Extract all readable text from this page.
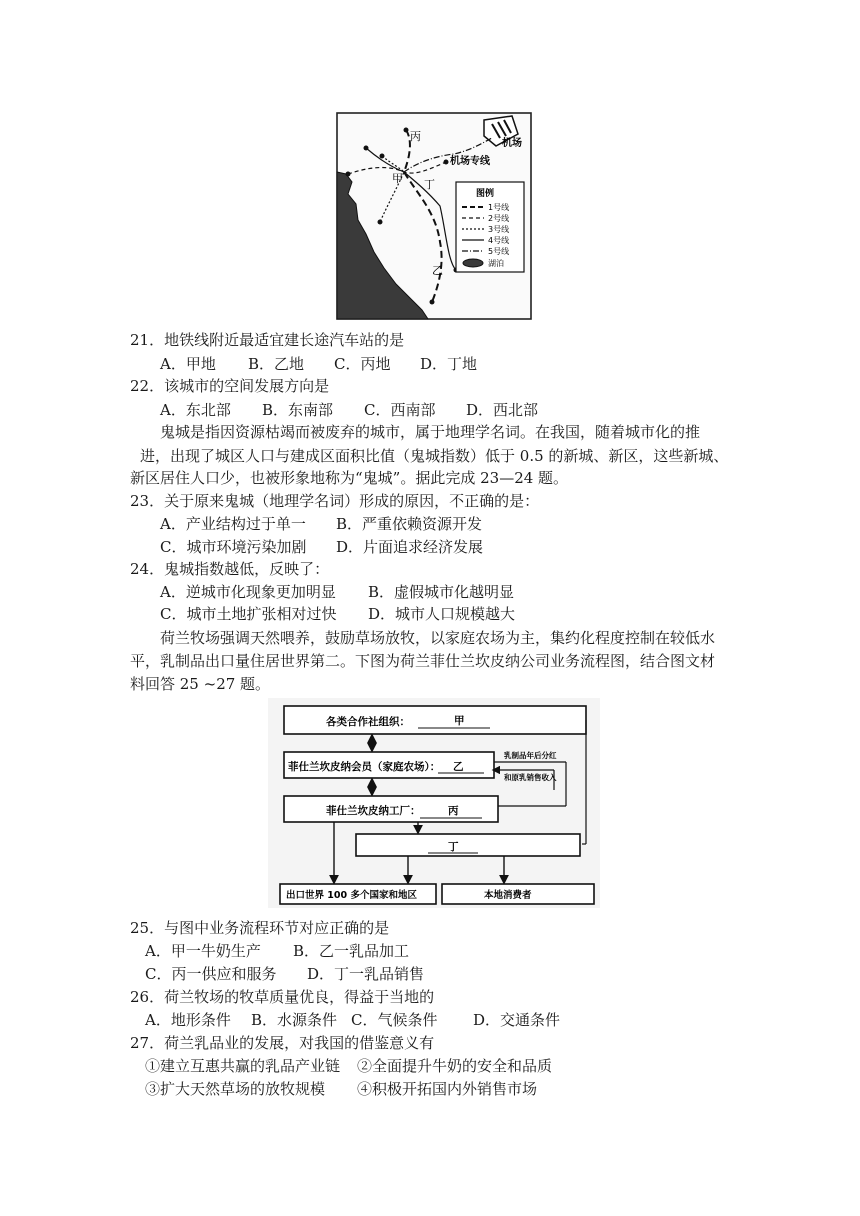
丙
甲 丁
乙
机场
机场专线
图例
1号线
2号线
3号线
4号线
5号线
湖泊
21．地铁线附近最适宜建长途汽车站的是
A．甲地 B．乙地 C．丙地 D．丁地
22．该城市的空间发展方向是
A．东北部 B．东南部 C．西南部 D．西北部
鬼城是指因资源枯竭而被废弃的城市，属于地理学名词。在我国，随着城市化的推
进，出现了城区人口与建成区面积比值（鬼城指数）低于 0.5 的新城、新区，这些新城、
新区居住人口少，也被形象地称为“鬼城”。据此完成 23—24 题。
23．关于原来鬼城（地理学名词）形成的原因，不正确的是：
A．产业结构过于单一 B．严重依赖资源开发
C．城市环境污染加剧 D．片面追求经济发展
24．鬼城指数越低，反映了：
A．逆城市化现象更加明显 B．虚假城市化越明显
C．城市土地扩张相对过快 D．城市人口规模越大
荷兰牧场强调天然喂养，鼓励草场放牧，以家庭农场为主，集约化程度控制在较低水
平，乳制品出口量住居世界第二。下图为荷兰菲仕兰坎皮纳公司业务流程图，结合图文材
料回答 25 ~27 题。
各类合作社组织：	甲
菲仕兰坎皮纳会员（家庭农场）： 乙
乳制品年后分红
和原乳销售收入
菲仕兰坎皮纳工厂：	丙
丁
出口世界 100 多个国家和地区	本地消费者
25．与图中业务流程环节对应正确的是
A．甲一牛奶生产 B．乙一乳品加工
C．丙一供应和服务 D．丁一乳品销售
26．荷兰牧场的牧草质量优良，得益于当地的
A．地形条件 B．水源条件 C．气候条件 D．交通条件
27．荷兰乳品业的发展，对我国的借鉴意义有
①建立互惠共赢的乳品产业链 ②全面提升牛奶的安全和品质
③扩大天然草场的放牧规模 ④积极开拓国内外销售市场
